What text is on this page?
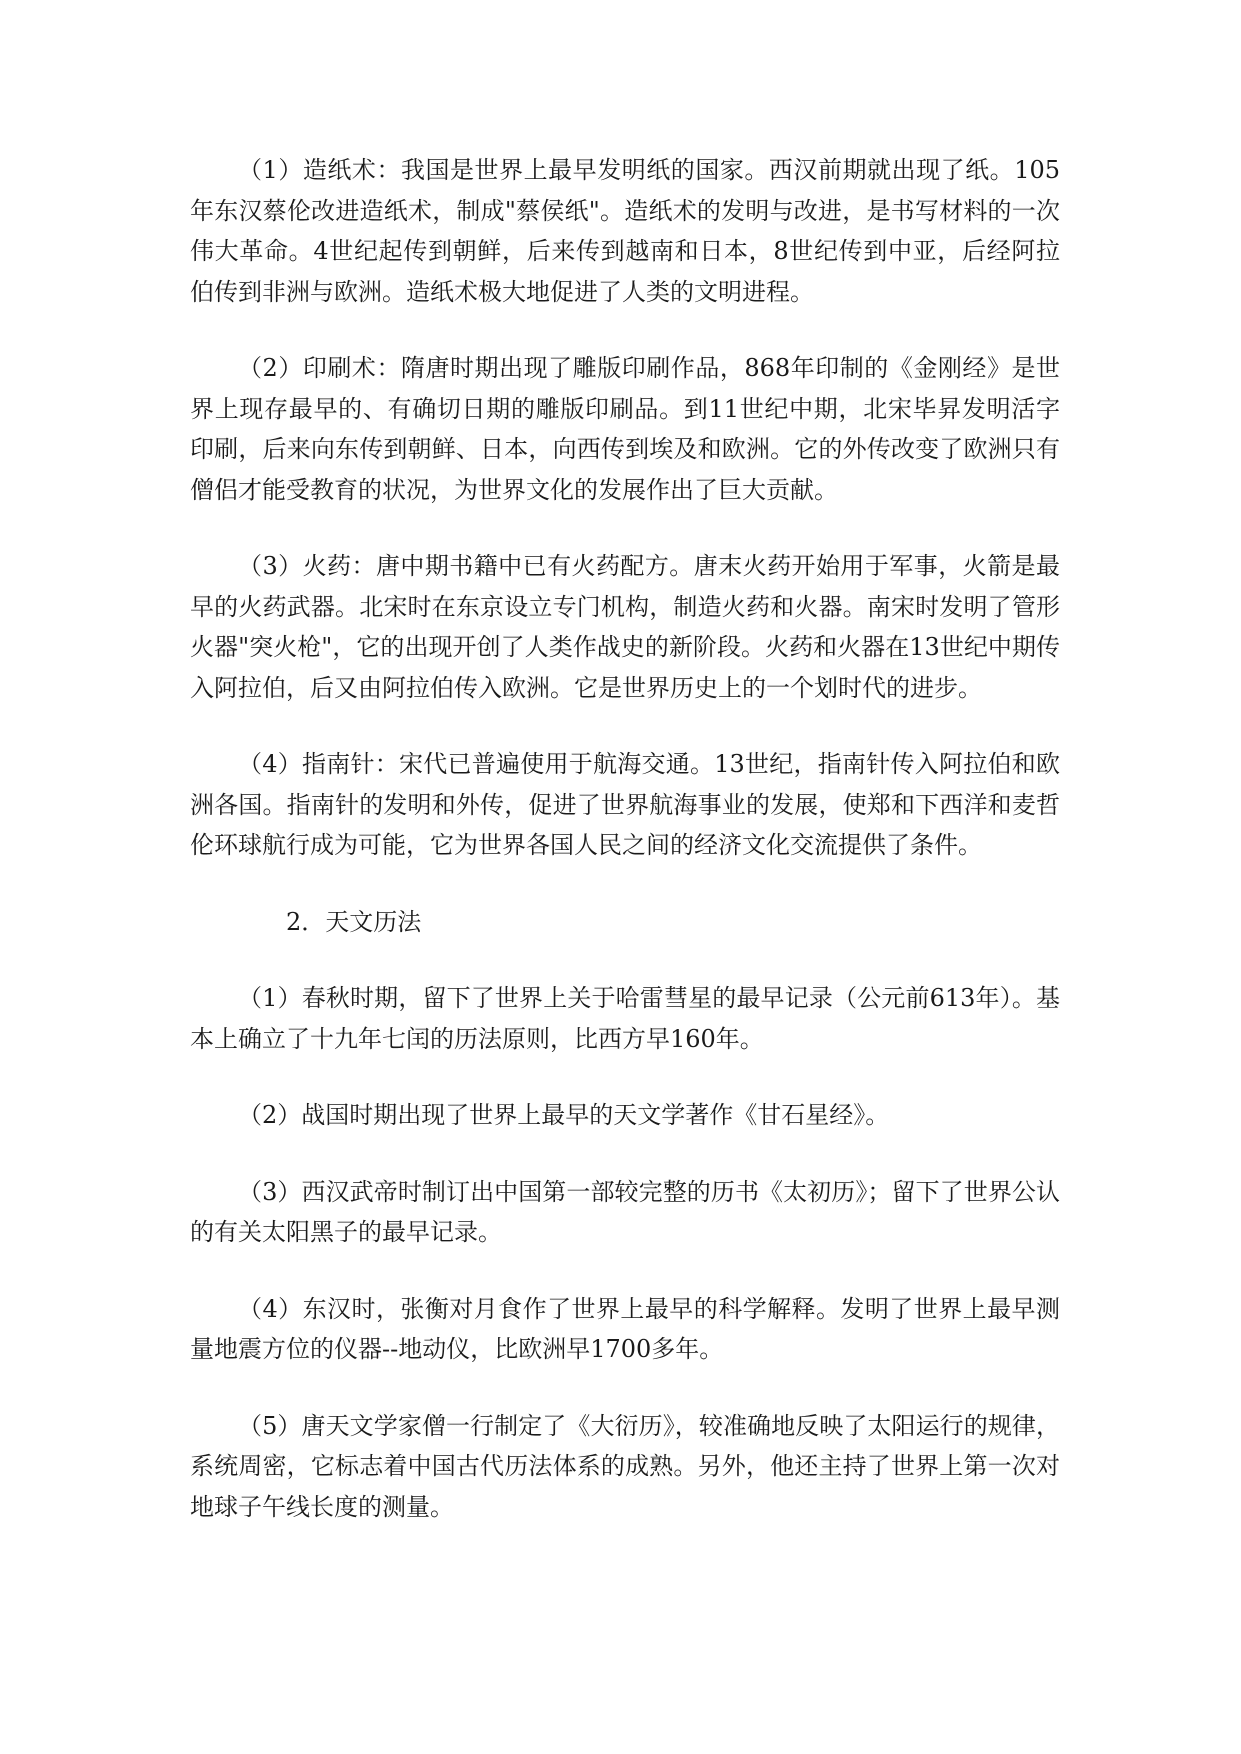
（1）造纸术：我国是世界上最早发明纸的国家。西汉前期就出现了纸。105年东汉蔡伦改进造纸术，制成"蔡侯纸"。造纸术的发明与改进，是书写材料的一次伟大革命。4世纪起传到朝鲜，后来传到越南和日本，8世纪传到中亚，后经阿拉伯传到非洲与欧洲。造纸术极大地促进了人类的文明进程。

（2）印刷术：隋唐时期出现了雕版印刷作品，868年印制的《金刚经》是世界上现存最早的、有确切日期的雕版印刷品。到11世纪中期，北宋毕昇发明活字印刷，后来向东传到朝鲜、日本，向西传到埃及和欧洲。它的外传改变了欧洲只有僧侣才能受教育的状况，为世界文化的发展作出了巨大贡献。

（3）火药：唐中期书籍中已有火药配方。唐末火药开始用于军事，火箭是最早的火药武器。北宋时在东京设立专门机构，制造火药和火器。南宋时发明了管形火器"突火枪"，它的出现开创了人类作战史的新阶段。火药和火器在13世纪中期传入阿拉伯，后又由阿拉伯传入欧洲。它是世界历史上的一个划时代的进步。

（4）指南针：宋代已普遍使用于航海交通。13世纪，指南针传入阿拉伯和欧洲各国。指南针的发明和外传，促进了世界航海事业的发展，使郑和下西洋和麦哲伦环球航行成为可能，它为世界各国人民之间的经济文化交流提供了条件。

2．天文历法

（1）春秋时期，留下了世界上关于哈雷彗星的最早记录（公元前613年）。基本上确立了十九年七闰的历法原则，比西方早160年。

（2）战国时期出现了世界上最早的天文学著作《甘石星经》。

（3）西汉武帝时制订出中国第一部较完整的历书《太初历》；留下了世界公认的有关太阳黑子的最早记录。

（4）东汉时，张衡对月食作了世界上最早的科学解释。发明了世界上最早测量地震方位的仪器--地动仪，比欧洲早1700多年。

（5）唐天文学家僧一行制定了《大衍历》，较准确地反映了太阳运行的规律，系统周密，它标志着中国古代历法体系的成熟。另外，他还主持了世界上第一次对地球子午线长度的测量。
